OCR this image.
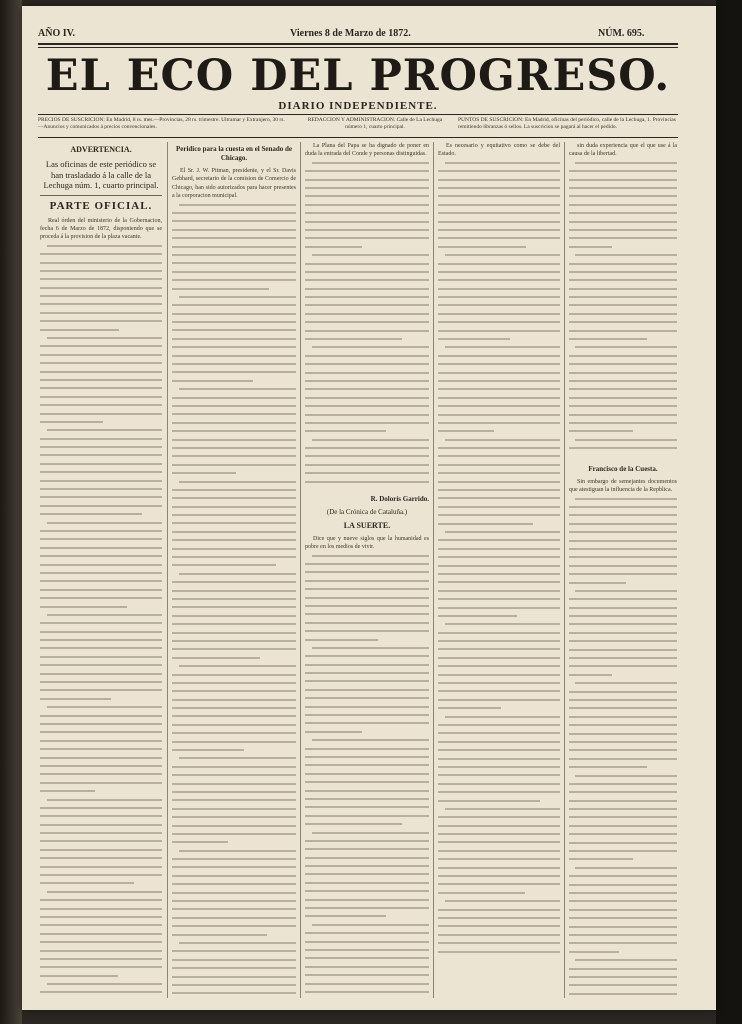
AÑO IV.	Viernes 8 de Marzo de 1872.	NÚM. 695.
EL ECO DEL PROGRESO.
DIARIO INDEPENDIENTE.
PRECIOS DE SUSCRICION: En Madrid, 8 rs. mes.—Provincias, 28 rs. trimestre. Ultramar y Extranjero, 30 rs.—Anuncios y comunicados á precios convencionales.
REDACCION Y ADMINISTRACION. Calle de La Lechuga número 1, cuarto principal.
PUNTOS DE SUSCRICION: En Madrid, oficinas del periódico, calle de la Lechuga, 1. Provincias remitiendo libranzas ó sellos. La suscricion se pagará al hacer el pedido.
ADVERTENCIA.
Las oficinas de este periódico se han trasladado á la calle de la Lechuga núm. 1, cuarto principal.
PARTE OFICIAL.

Real órden del ministerio de la Gobernacion, fecha 6 de Marzo de 1872, disponiendo que se proceda á la provision de la plaza vacante.

Peridico para la cuesta en el Senado de Chicago.

El Sr. J. W. Pitman, presidente, y el Sr. Davis Gebhard, secretario de la comision de Comercio de Chicago, han sido autorizados para hacer presentes a la corporacion municipal.

La Plana del Papa se ha dignado de poner en duda la entrada del Conde y personas distinguidas.

R. Dolorís Garrido.
(De la Crónica de Cataluña.)
LA SUERTE.

Dice que y nueve siglos que la humanidad es pobre en los medios de vivir.

Es necesario y equitativo como se debe del Estado.

sin duda experiencia que el que use á la causa de la libertad.

Francisco de la Cuesta.

Sin embargo de semejantes documentos que atestiguan la influencia de la Repblica.
